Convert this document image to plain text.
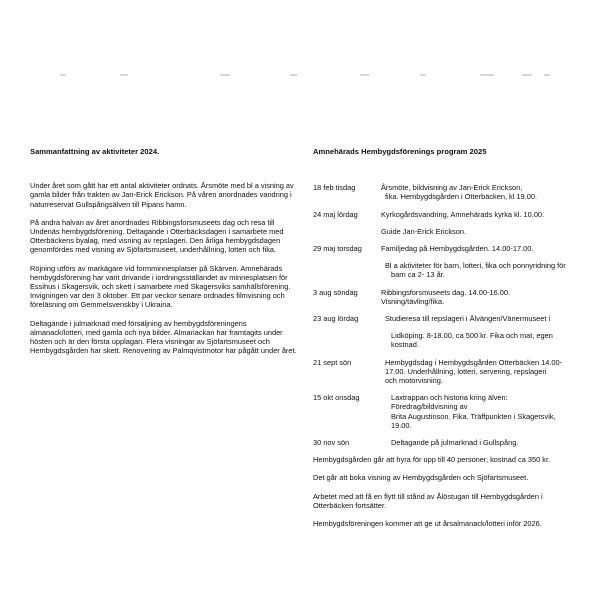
Sammanfattning av aktiviteter 2024.
Under året som gått har ett antal aktiviteter ordnats. Årsmöte med bl a visning av gamla bilder från trakten av Jan-Erick Erickson. På våren anordnades vandring i naturreservat Gullspångsälven till Pipans hamn.
På andra halvan av året anordnades Ribbingsforsmuseets dag och resa till Undenäs hembygdsförening. Deltagande i Otterbäcksdagen i samarbete med Otterbäckens byalag, med visning av repslageri. Den årliga hembygdsdagen genomfördes med visning av Sjöfartsmuseet, underhållning, lotteri och fika.
Röjning utförs av markägare vid formminnesplatser på Skärven. Amnehärads hembygdsförening har varit drivande i iordningsställandet av minnesplatsen för Essihus i Skagersvik, och skett i samarbete med Skagersviks samhällsförening. Invigningen var den 3 oktober. Ett par veckor senare ordnades filmvisning och föreläsning om Gemmelsvenskby i Ukraina.
Deltagande i julmarknad med försäljning av hembygdsföreningens almanack/lotteri, med gamla och nya bilder. Almanackan har framtagits under hösten och är den första upplagan. Flera visningar av Sjöfartsmuseet och Hembygdsgården har skett. Renovering av Palmqvistmotor har pågått under året.
Amnehärads Hembygdsförenings program 2025
18 feb tisdag	Årsmöte, bildvisning av Jan-Erick Erickson,
fika. Hembygdsgården i Otterbäcken, kl 19.00.
24 maj lördag	Kyrkogårdsvandring, Amnehärads kyrka kl. 10.00.
Guide Jan-Erick Erickson.
29 maj torsdag	Familjedag på Hembygdsgården. 14.00-17.00.
Bl a aktiviteter för barn, lotteri, fika och ponnyridning för
barn ca 2- 13 år.
3 aug söndag	Ribbingsforsmuseets dag. 14.00-16.00. Visning/tävling/fika.
23 aug lördag	Studieresa till repslageri i Älvängen/Vänermuseet i
Lidköping. 8-18.00, ca 500 kr. Fika och mat, egen kostnad.
21 sept sön	Hembygdsdag i Hembygdsgården Otterbäcken 14.00-
17.00. Underhållning, lotteri, servering, repslageri
och motorvisning.
15 okt onsdag	Laxtrappan och historia kring älven: Föredrag/bildvisning av
Brita Augustinson. Fika. Träffpunkten i Skagersvik, 19.00.
30 nov sön	Deltagande på julmarknad i Gullspång.
Hembygdsgården går att hyra för upp till 40 personer, kostnad ca 350 kr.
Det går att boka visning av Hembygdsgården och Sjöfartsmuseet.
Arbetet med att få en flytt till stånd av Ålöstugan till Hembygdsgården i Otterbäcken fortsätter.
Hembygdsföreningen kommer att ge ut årsalmanack/lotteri inför 2026.
